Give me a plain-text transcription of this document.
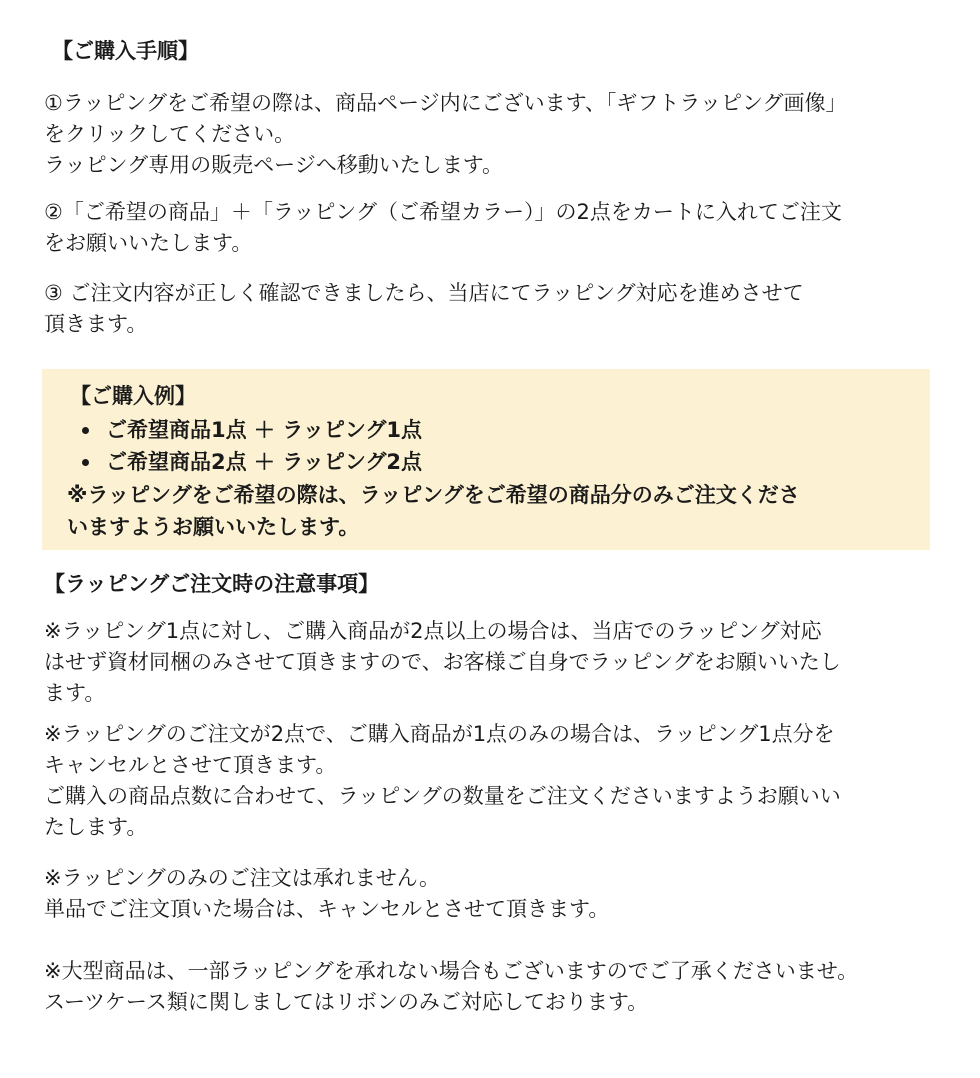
【ご購入手順】
①ラッピングをご希望の際は、商品ページ内にございます、「ギフトラッピング画像」
をクリックしてください。
ラッピング専用の販売ページへ移動いたします。
②「ご希望の商品」＋「ラッピング（ご希望カラー）」の2点をカートに入れてご注文
をお願いいたします。
③ ご注文内容が正しく確認できましたら、当店にてラッピング対応を進めさせて
頂きます。
【ご購入例】
ご希望商品1点 ＋ ラッピング1点
ご希望商品2点 ＋ ラッピング2点
※ラッピングをご希望の際は、ラッピングをご希望の商品分のみご注文くださ
いますようお願いいたします。
【ラッピングご注文時の注意事項】
※ラッピング1点に対し、ご購入商品が2点以上の場合は、当店でのラッピング対応
はせず資材同梱のみさせて頂きますので、お客様ご自身でラッピングをお願いいたし
ます。
※ラッピングのご注文が2点で、ご購入商品が1点のみの場合は、ラッピング1点分を
キャンセルとさせて頂きます。
ご購入の商品点数に合わせて、ラッピングの数量をご注文くださいますようお願いい
たします。
※ラッピングのみのご注文は承れません。
単品でご注文頂いた場合は、キャンセルとさせて頂きます。
※大型商品は、一部ラッピングを承れない場合もございますのでご了承くださいませ。
スーツケース類に関しましてはリボンのみご対応しております。
